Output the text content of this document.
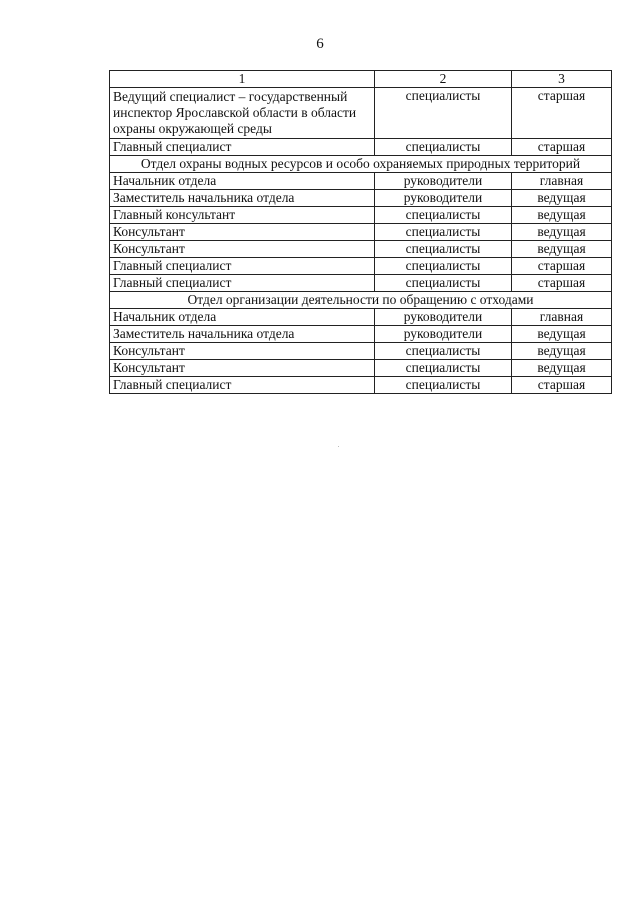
6
1	2	3
Ведущий специалист – государственный инспектор Ярославской области в области охраны окружающей среды	специалисты	старшая
Главный специалист	специалисты	старшая
Отдел охраны водных ресурсов и особо охраняемых природных территорий		
Начальник отдела	руководители	главная
Заместитель начальника отдела	руководители	ведущая
Главный консультант	специалисты	ведущая
Консультант	специалисты	ведущая
Консультант	специалисты	ведущая
Главный специалист	специалисты	старшая
Главный специалист	специалисты	старшая
Отдел организации деятельности по обращению с отходами		
Начальник отдела	руководители	главная
Заместитель начальника отдела	руководители	ведущая
Консультант	специалисты	ведущая
Консультант	специалисты	ведущая
Главный специалист	специалисты	старшая
